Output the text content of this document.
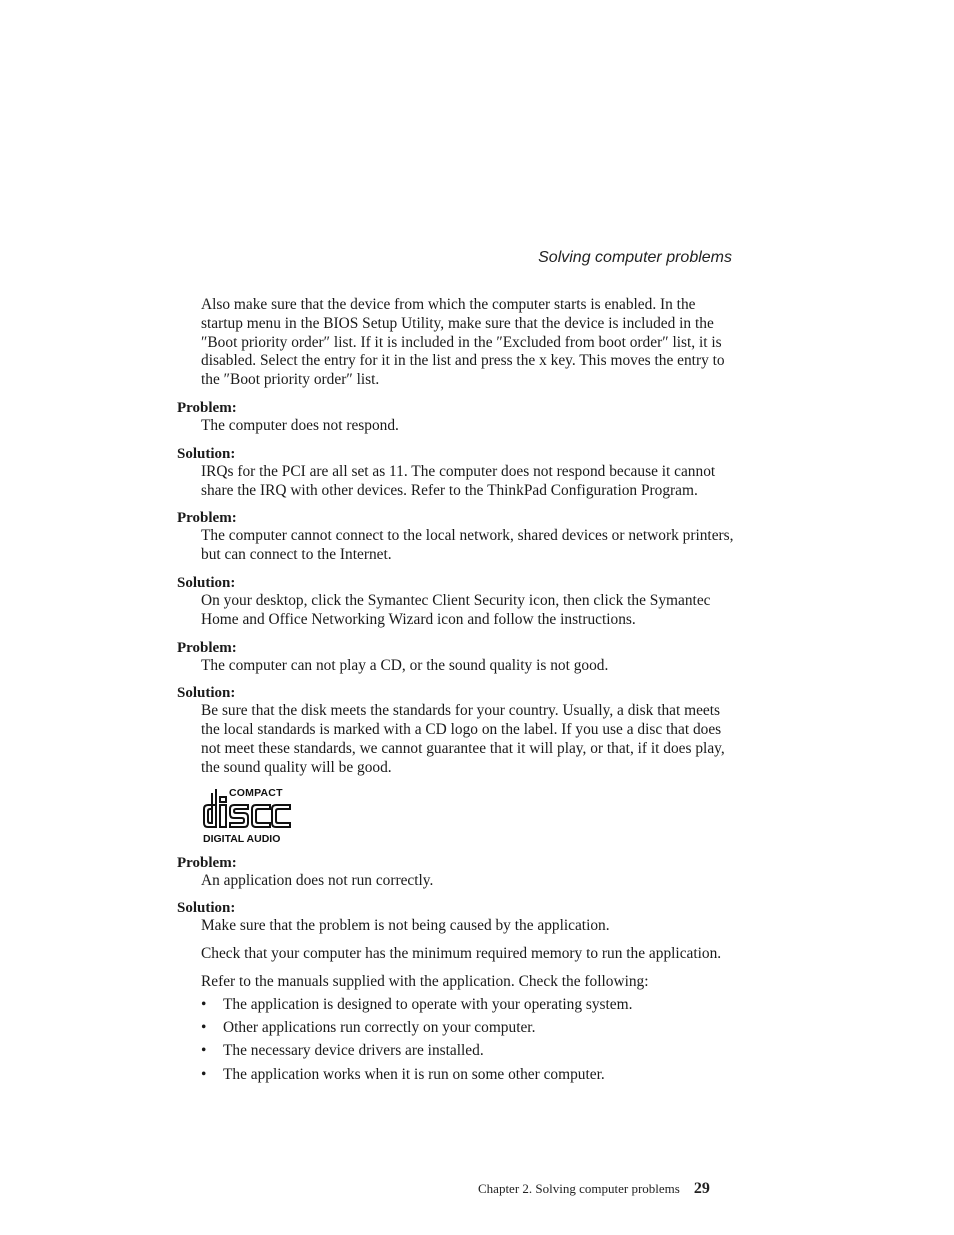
Solving computer problems
Also make sure that the device from which the computer starts is enabled. In the startup menu in the BIOS Setup Utility, make sure that the device is included in the ″Boot priority order″ list. If it is included in the ″Excluded from boot order″ list, it is disabled. Select the entry for it in the list and press the x key. This moves the entry to the ″Boot priority order″ list.
Problem:
The computer does not respond.
Solution:
IRQs for the PCI are all set as 11. The computer does not respond because it cannot share the IRQ with other devices. Refer to the ThinkPad Configuration Program.
Problem:
The computer cannot connect to the local network, shared devices or network printers, but can connect to the Internet.
Solution:
On your desktop, click the Symantec Client Security icon, then click the Symantec Home and Office Networking Wizard icon and follow the instructions.
Problem:
The computer can not play a CD, or the sound quality is not good.
Solution:
Be sure that the disk meets the standards for your country. Usually, a disk that meets the local standards is marked with a CD logo on the label. If you use a disc that does not meet these standards, we cannot guarantee that it will play, or that, if it does play, the sound quality will be good.
COMPACT
DIGITAL AUDIO
Problem:
An application does not run correctly.
Solution:
Make sure that the problem is not being caused by the application.
Check that your computer has the minimum required memory to run the application.
Refer to the manuals supplied with the application. Check the following:
• The application is designed to operate with your operating system.
• Other applications run correctly on your computer.
• The necessary device drivers are installed.
• The application works when it is run on some other computer.
Chapter 2. Solving computer problems 29
